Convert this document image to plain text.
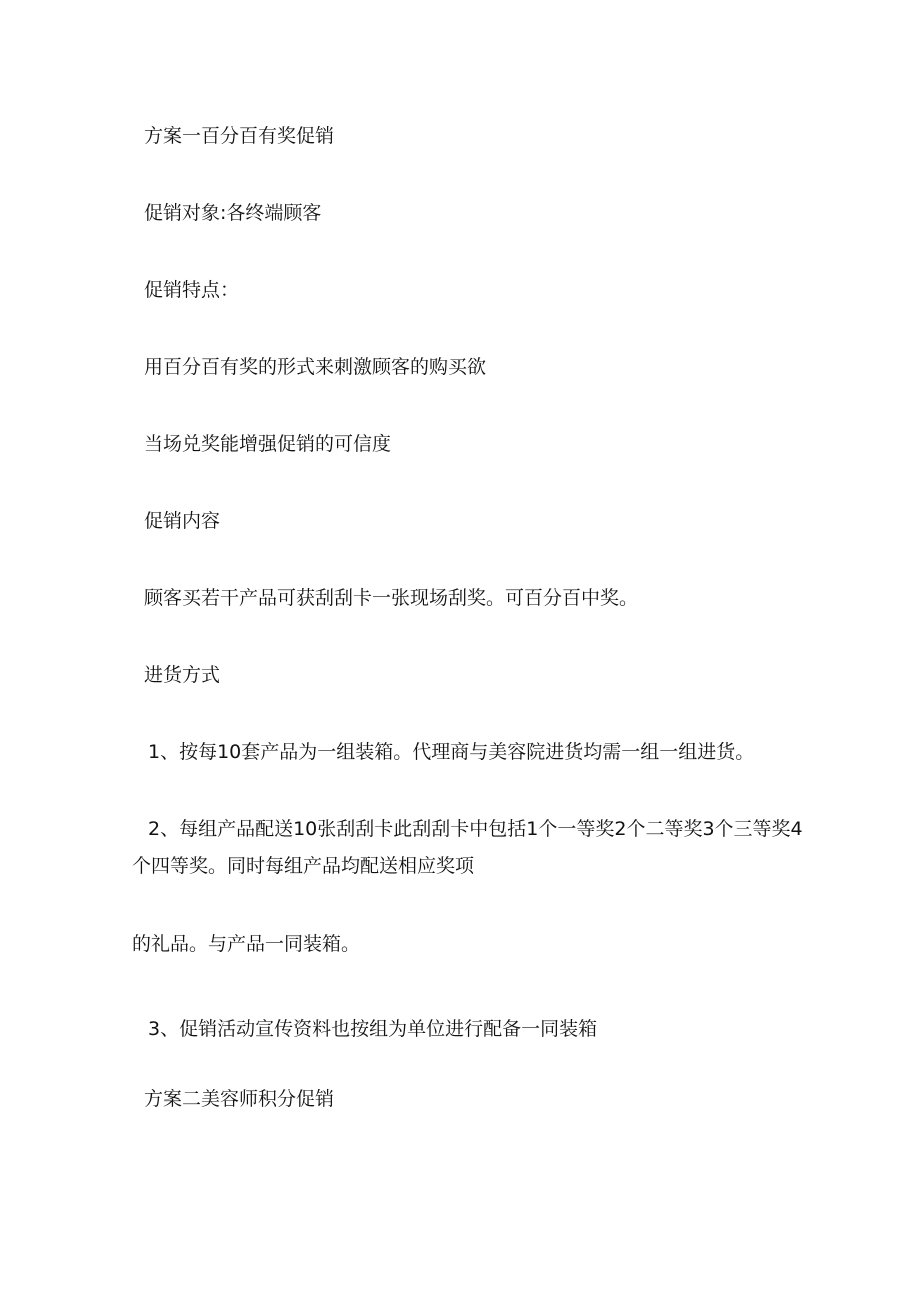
方案一百分百有奖促销
促销对象:各终端顾客
促销特点：
用百分百有奖的形式来刺激顾客的购买欲
当场兑奖能增强促销的可信度
促销内容
顾客买若干产品可获刮刮卡一张现场刮奖。可百分百中奖。
进货方式
1、按每10套产品为一组装箱。代理商与美容院进货均需一组一组进货。
2、每组产品配送10张刮刮卡此刮刮卡中包括1个一等奖2个二等奖3个三等奖4
个四等奖。同时每组产品均配送相应奖项
的礼品。与产品一同装箱。
3、促销活动宣传资料也按组为单位进行配备一同装箱
方案二美容师积分促销
